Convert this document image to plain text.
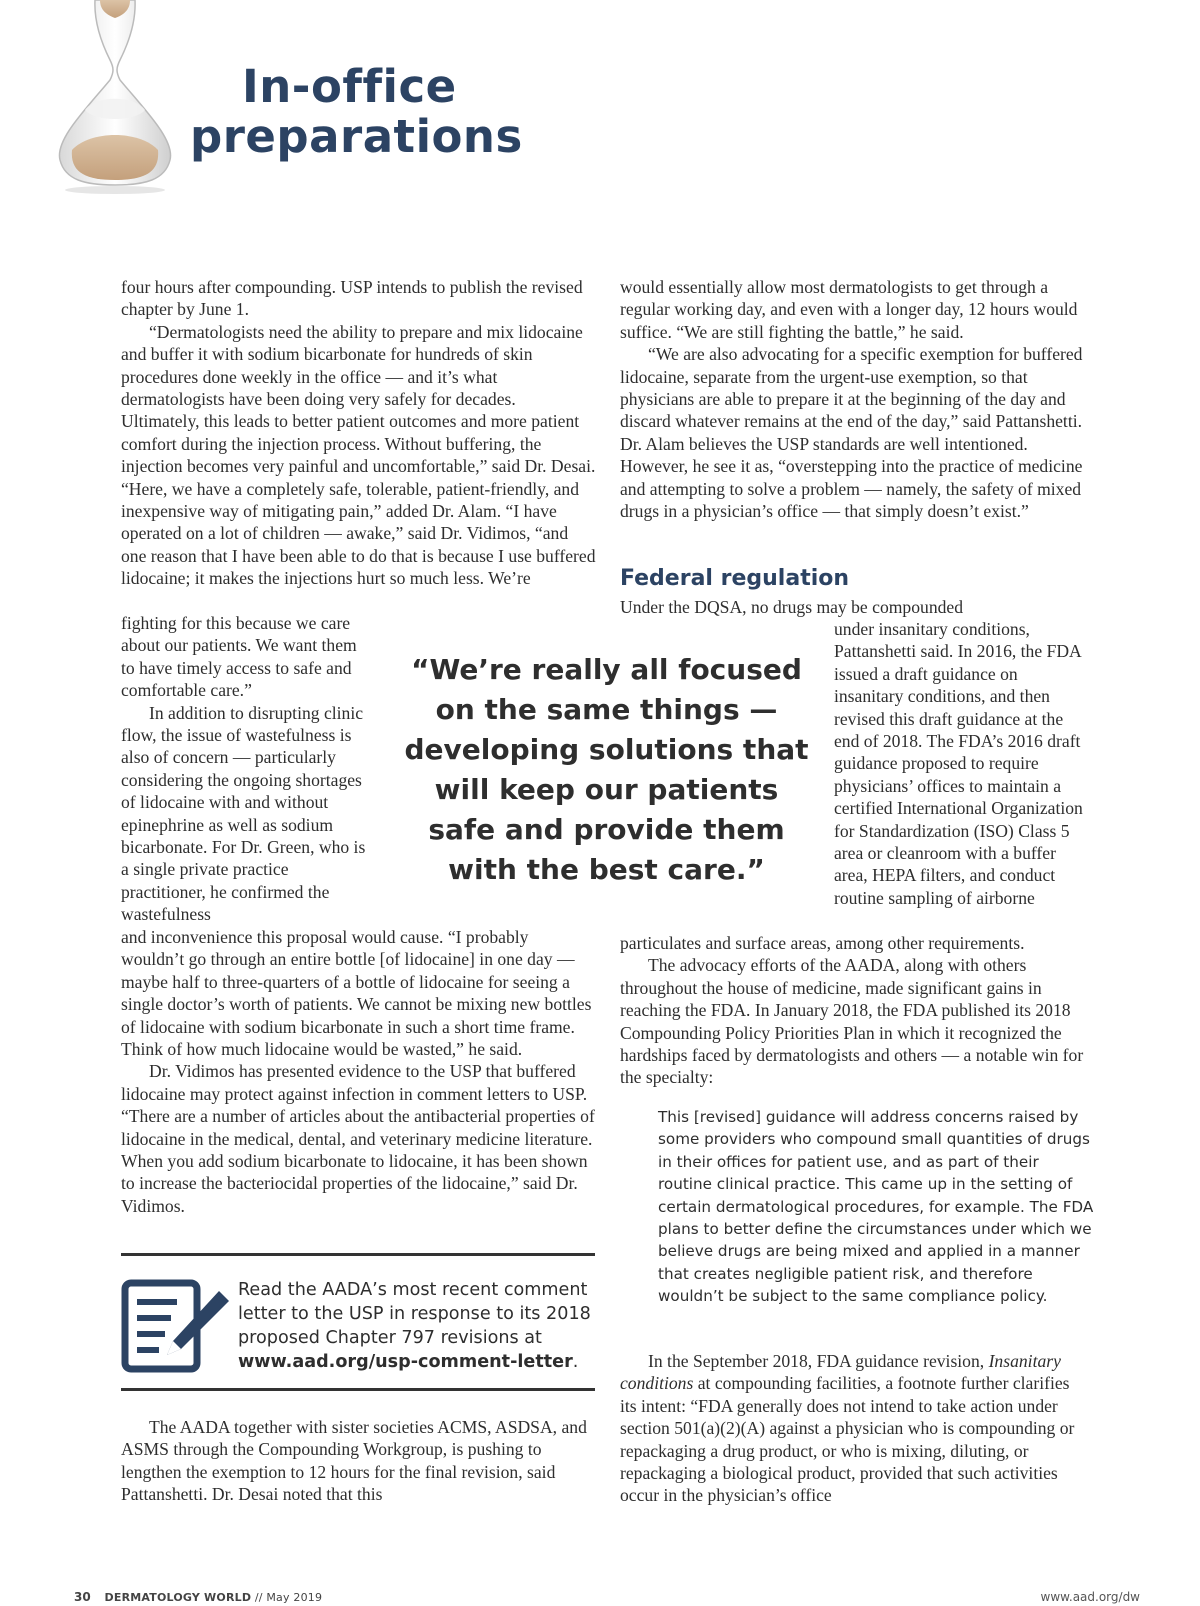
In-office
preparations

four hours after compounding. USP intends to publish the revised chapter by June 1.

“Dermatologists need the ability to prepare and mix lidocaine and buffer it with sodium bicarbonate for hundreds of skin procedures done weekly in the office — and it’s what dermatologists have been doing very safely for decades. Ultimately, this leads to better patient outcomes and more patient comfort during the injection process. Without buffering, the injection becomes very painful and uncomfortable,” said Dr. Desai. “Here, we have a completely safe, tolerable, patient-friendly, and inexpensive way of mitigating pain,” added Dr. Alam. “I have operated on a lot of children — awake,” said Dr. Vidimos, “and one reason that I have been able to do that is because I use buffered lidocaine; it makes the injections hurt so much less. We’re

fighting for this because we care about our patients. We want them to have timely access to safe and comfortable care.”

In addition to disrupting clinic flow, the issue of wastefulness is also of concern — particularly considering the ongoing shortages of lidocaine with and without epinephrine as well as sodium bicarbonate. For Dr. Green, who is a single private practice practitioner, he confirmed the wastefulness

and inconvenience this proposal would cause. “I probably wouldn’t go through an entire bottle [of lidocaine] in one day — maybe half to three-quarters of a bottle of lidocaine for seeing a single doctor’s worth of patients. We cannot be mixing new bottles of lidocaine with sodium bicarbonate in such a short time frame. Think of how much lidocaine would be wasted,” he said.

Dr. Vidimos has presented evidence to the USP that buffered lidocaine may protect against infection in comment letters to USP. “There are a number of articles about the antibacterial properties of lidocaine in the medical, dental, and veterinary medicine literature. When you add sodium bicarbonate to lidocaine, it has been shown to increase the bacteriocidal properties of the lidocaine,” said Dr. Vidimos.

“We’re really all focused on the same things — developing solutions that will keep our patients safe and provide them with the best care.”

Read the AADA’s most recent comment letter to the USP in response to its 2018 proposed Chapter 797 revisions at www.aad.org/usp-comment-letter.

The AADA together with sister societies ACMS, ASDSA, and ASMS through the Compounding Workgroup, is pushing to lengthen the exemption to 12 hours for the final revision, said Pattanshetti. Dr. Desai noted that this

would essentially allow most dermatologists to get through a regular working day, and even with a longer day, 12 hours would suffice. “We are still fighting the battle,” he said.

“We are also advocating for a specific exemption for buffered lidocaine, separate from the urgent-use exemption, so that physicians are able to prepare it at the beginning of the day and discard whatever remains at the end of the day,” said Pattanshetti. Dr. Alam believes the USP standards are well intentioned. However, he see it as, “overstepping into the practice of medicine and attempting to solve a problem — namely, the safety of mixed drugs in a physician’s office — that simply doesn’t exist.”

Federal regulation

Under the DQSA, no drugs may be compounded

under insanitary conditions, Pattanshetti said. In 2016, the FDA issued a draft guidance on insanitary conditions, and then revised this draft guidance at the end of 2018. The FDA’s 2016 draft guidance proposed to require physicians’ offices to maintain a certified International Organization for Standardization (ISO) Class 5 area or cleanroom with a buffer area, HEPA filters, and conduct routine sampling of airborne

particulates and surface areas, among other requirements.

The advocacy efforts of the AADA, along with others throughout the house of medicine, made significant gains in reaching the FDA. In January 2018, the FDA published its 2018 Compounding Policy Priorities Plan in which it recognized the hardships faced by dermatologists and others — a notable win for the specialty:

This [revised] guidance will address concerns raised by some providers who compound small quantities of drugs in their offices for patient use, and as part of their routine clinical practice. This came up in the setting of certain dermatological procedures, for example. The FDA plans to better define the circumstances under which we believe drugs are being mixed and applied in a manner that creates negligible patient risk, and therefore wouldn’t be subject to the same compliance policy.

In the September 2018, FDA guidance revision, Insanitary conditions at compounding facilities, a footnote further clarifies its intent: “FDA generally does not intend to take action under section 501(a)(2)(A) against a physician who is compounding or repackaging a drug product, or who is mixing, diluting, or repackaging a biological product, provided that such activities occur in the physician’s office

30 DERMATOLOGY WORLD // May 2019	www.aad.org/dw
